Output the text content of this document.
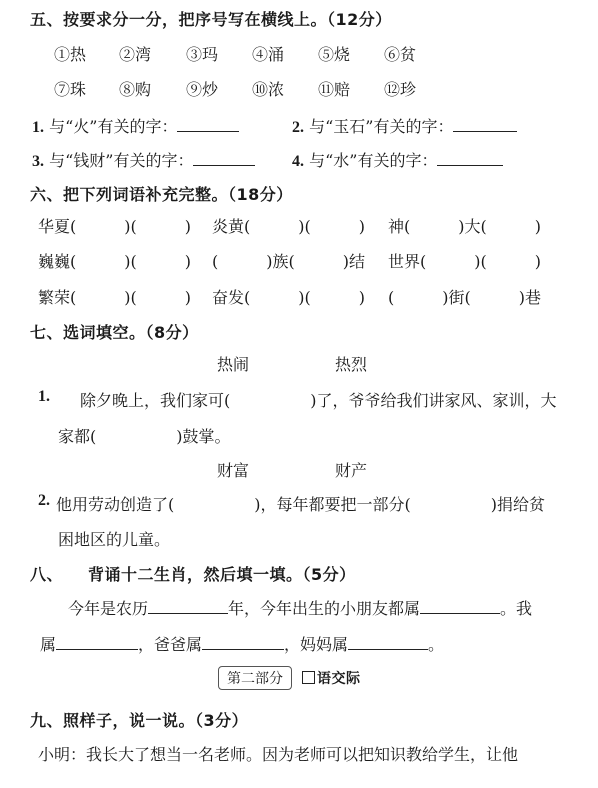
五、按要求分一分，把序号写在横线上。（12分）
①热 ②湾 ③玛 ④涌 ⑤烧 ⑥贫
⑦珠 ⑧购 ⑨炒 ⑩浓 ⑪赔 ⑫珍
1. 与“火”有关的字：	2. 与“玉石”有关的字：
3. 与“钱财”有关的字：	4. 与“水”有关的字：
六、把下列词语补充完整。（18分）
华夏(　　　)(　　　) 炎黄(　　　)(　　　) 神(　　　)大(　　　)
巍巍(　　　)(　　　) (　　　)族(　　　)结 世界(　　　)(　　　)
繁荣(　　　)(　　　) 奋发(　　　)(　　　) (　　　)街(　　　)巷
七、选词填空。（8分）
热闹	热烈
1. 除夕晚上，我们家可(　　　　　)了，爷爷给我们讲家风、家训，大
家都(　　　　　)鼓掌。
财富	财产
2. 他用劳动创造了(　　　　　)，每年都要把一部分(　　　　　)捐给贫
困地区的儿童。
八、 背诵十二生肖，然后填一填。（5分）
今年是农历	年，今年出生的小朋友都属	。我
属	，爸爸属	，妈妈属	。
第二部分	语交际
九、照样子，说一说。（3分）
小明：我长大了想当一名老师。因为老师可以把知识教给学生，让他
